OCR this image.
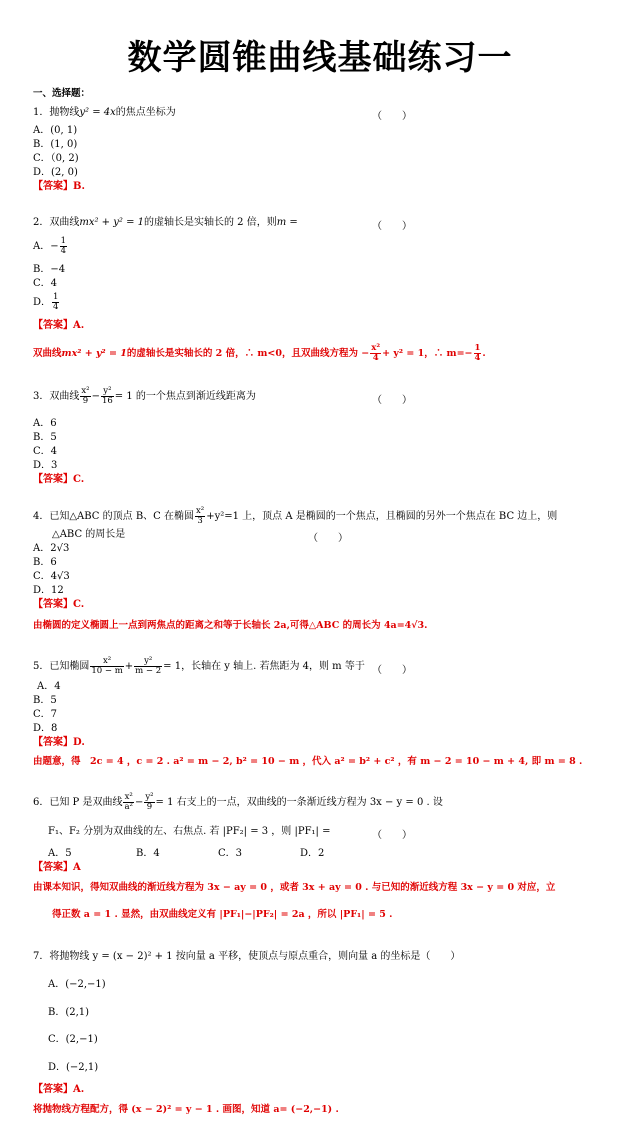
数学圆锥曲线基础练习一
一、选择题：
1．抛物线y² = 4x的焦点坐标为	（　　）
A．(0, 1)
B．(1, 0)
C．（0, 2)
D．(2, 0)
【答案】B.
2．双曲线mx² + y² = 1的虚轴长是实轴长的 2 倍，则m =	（　　）
A．− $\frac{1}{4}$
B．−4
C．4
D． $\frac{1}{4}$
【答案】A.
双曲线mx² + y² = 1的虚轴长是实轴长的 2 倍，∴ m<0，且双曲线方程为 − $\frac{\text{x²}}{4} + y^2 = 1$，∴ $m=- \frac{1}{4}$ .
3．双曲线 $\frac{\text{x²}}{9} - \frac{\text{y²}}{16} = 1$ 的一个焦点到渐近线距离为	（　　）
A．6
B．5
C．4
D．3
【答案】C.
4．已知△ABC 的顶点 B、C 在椭圆 $\frac{\text{x²}}{3} +y^2=1$ 上，顶点 A 是椭圆的一个焦点，且椭圆的另外一个焦点在 BC 边上，则
△ABC 的周长是	（　　）
A．2√3
B．6
C．4√3
D．12
【答案】C.
由椭圆的定义椭圆上一点到两焦点的距离之和等于长轴长 2a,可得△ABC 的周长为 4a=4√3.
5．已知椭圆 $\frac{\text{x²}}{10 - m} + \frac{\text{y²}}{m - 2} = 1$，长轴在 y 轴上. 若焦距为 4，则 m 等于 （　　）
A．4
B．5
C．7
D．8
【答案】D.
由题意，得　2c = 4 ，c = 2 . a² = m − 2, b² = 10 − m ，代入 a² = b² + c² ，有 m − 2 = 10 − m + 4, 即 m = 8 .
6．已知 P 是双曲线 $\frac{\text{x²}}{\text{a²}} - \frac{\text{y²}}{9} = 1$ 右支上的一点，双曲线的一条渐近线方程为 3x − y = 0 . 设
F₁、F₂ 分别为双曲线的左、右焦点. 若 |PF₂| = 3 ，则 |PF₁| =	（　　）
A．5	B．4	C．3	D．2
【答案】A
由课本知识，得知双曲线的渐近线方程为 3x − ay = 0 ，或者 3x + ay = 0 . 与已知的渐近线方程 3x − y = 0 对应，立
得正数 a = 1 . 显然，由双曲线定义有 |PF₁|−|PF₂| = 2a ，所以 |PF₁| = 5 .
7．将抛物线 y = (x − 2)² + 1 按向量 a 平移，使顶点与原点重合，则向量 a 的坐标是（　　）
A．(−2,−1)
B．(2,1)
C．(2,−1)
D．(−2,1)
【答案】A.
将抛物线方程配方，得 (x − 2)² = y − 1 . 画图，知道 a= (−2,−1) .
